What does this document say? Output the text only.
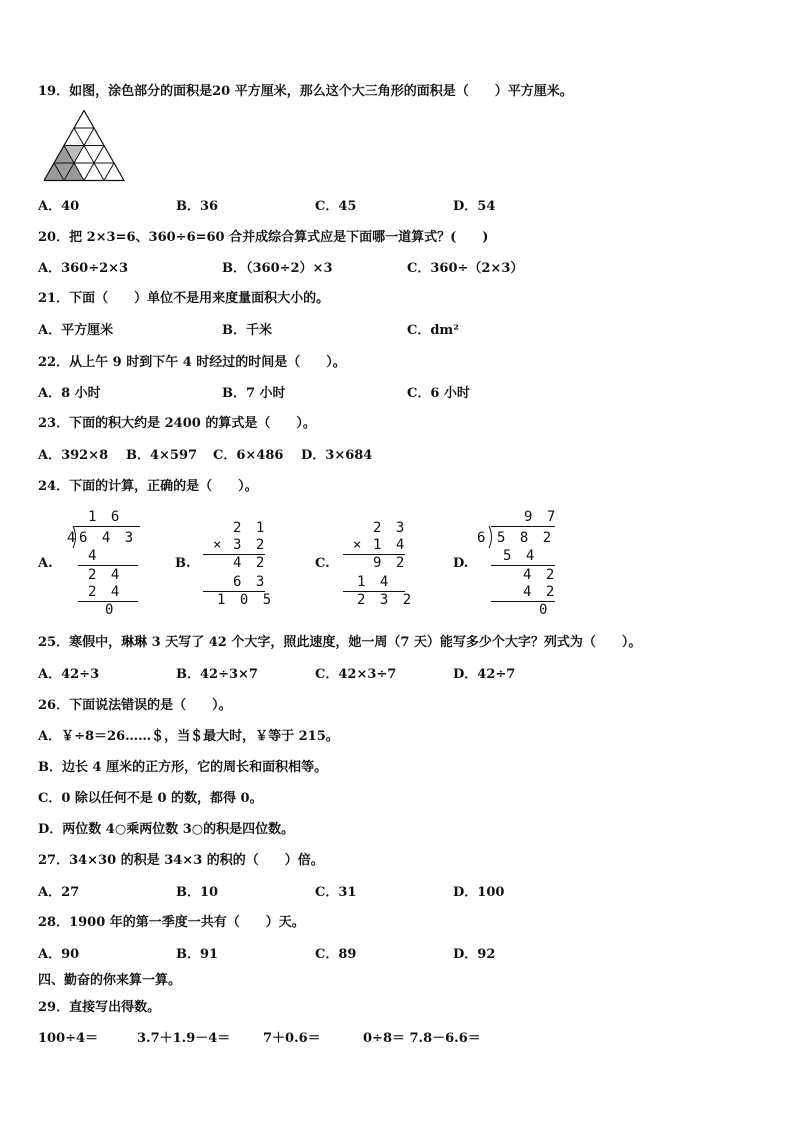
19．如图，涂色部分的面积是20 平方厘米，那么这个大三角形的面积是（　　）平方厘米。
A．40	B．36	C．45	D．54
20．把 2×3=6、360÷6=60 合并成综合算式应是下面哪一道算式？(　　)
A．360÷2×3	B．（360÷2）×3	C．360÷（2×3）
21．下面（　　）单位不是用来度量面积大小的。
A．平方厘米	B．千米	C．dm²
22．从上午 9 时到下午 4 时经过的时间是（　　）。
A．8 小时	B．7 小时	C．6 小时
23．下面的积大约是 2400 的算式是（　　）。
A．392×8 B．4×597 C．6×486 D．3×684
24．下面的计算，正确的是（　　）。
A.
1 6
4 6 4 3
4
2 4
2 4
0
B.
2 1
× 3 2
4 2
6 3
1 0 5
C.
2 3
× 1 4
9 2
1 4
2 3 2
D.
9 7
6 5 8 2
5 4
4 2
4 2
0
25．寒假中，琳琳 3 天写了 42 个大字，照此速度，她一周（7 天）能写多少个大字？列式为（　　）。
A．42÷3	B．42÷3×7	C．42×3÷7	D．42÷7
26．下面说法错误的是（　　）。
A．￥÷8＝26……＄，当＄最大时，￥等于 215。
B．边长 4 厘米的正方形，它的周长和面积相等。
C．0 除以任何不是 0 的数，都得 0。
D．两位数 4○乘两位数 3○的积是四位数。
27．34×30 的积是 34×3 的积的（　　）倍。
A．27	B．10	C．31	D．100
28．1900 年的第一季度一共有（　　）天。
A．90	B．91	C．89	D．92
四、勤奋的你来算一算。
29．直接写出得数。
100÷4＝	3.7＋1.9－4＝	7＋0.6＝	0÷8＝ 7.8－6.6＝
